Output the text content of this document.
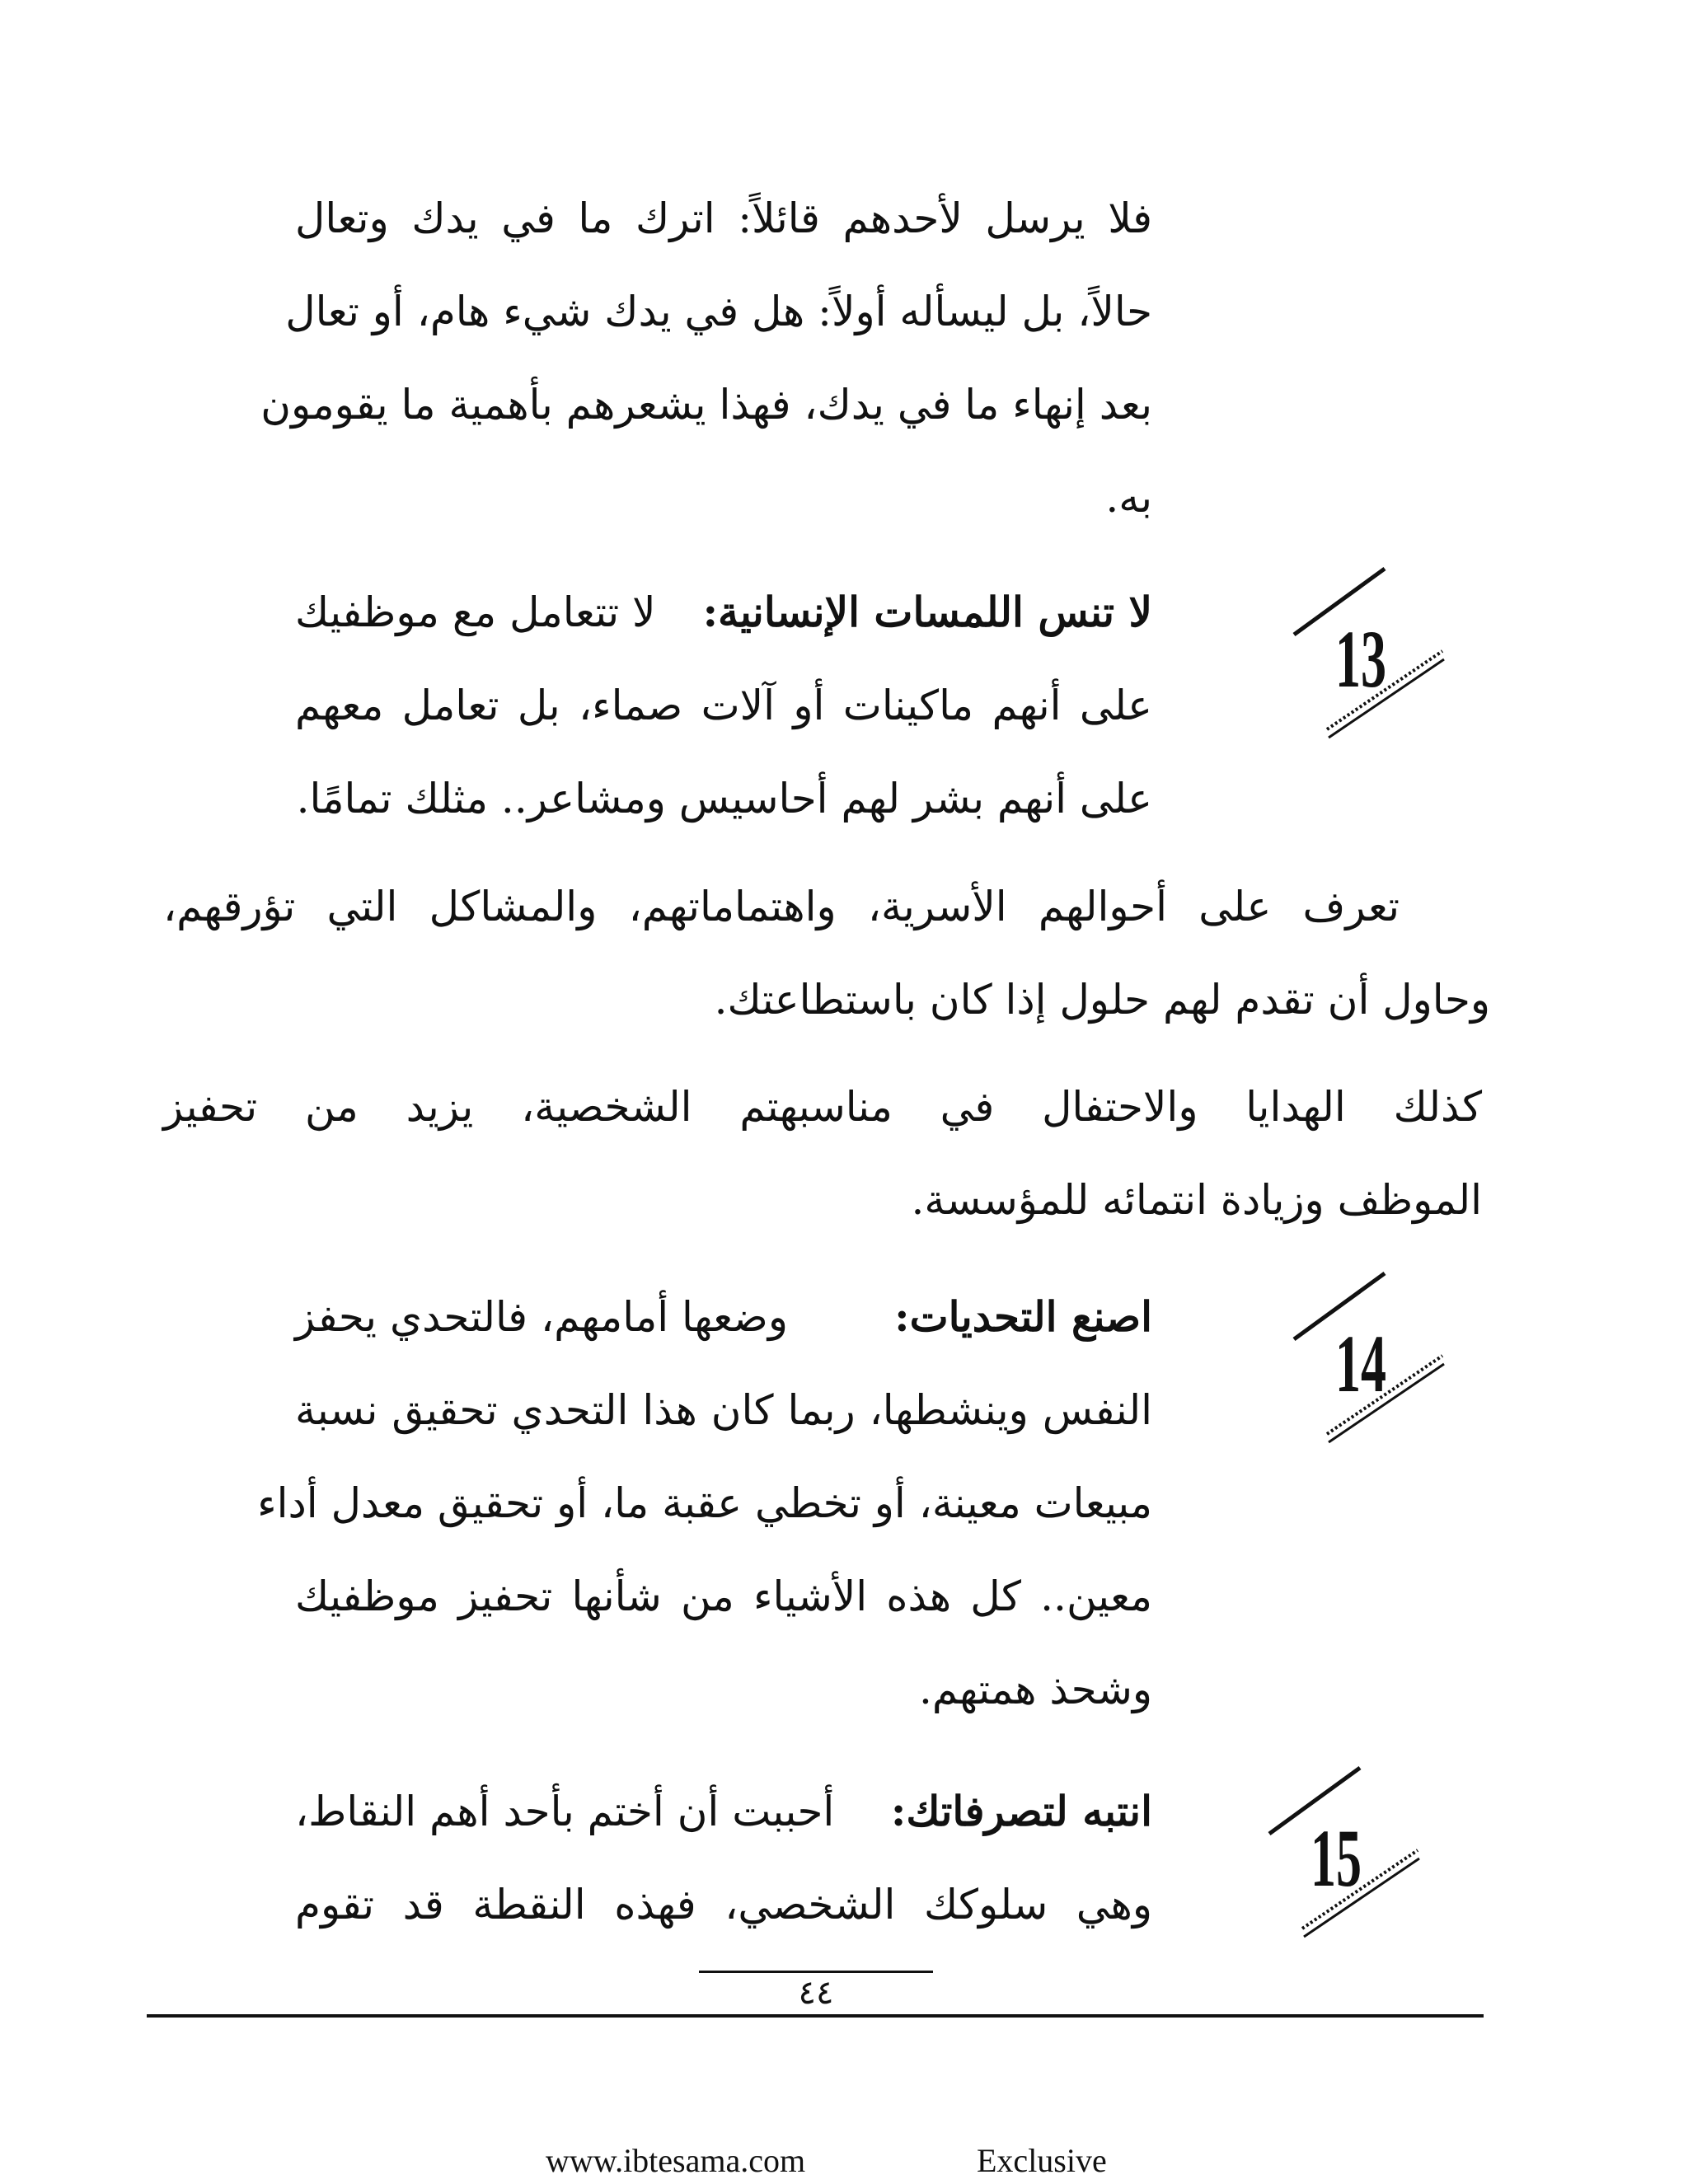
فلا يرسل لأحدهم قائلاً: اترك ما في يدك وتعال
حالاً، بل ليسأله أولاً: هل في يدك شيء هام، أو تعال
بعد إنهاء ما في يدك، فهذا يشعرهم بأهمية ما يقومون
به.
13
لا تنس اللمسات الإنسانية:
لا تتعامل مع موظفيك
على أنهم ماكينات أو آلات صماء، بل تعامل معهم
على أنهم بشر لهم أحاسيس ومشاعر.. مثلك تمامًا.
تعرف على أحوالهم الأسرية، واهتماماتهم، والمشاكل التي تؤرقهم،
وحاول أن تقدم لهم حلول إذا كان باستطاعتك.
كذلك الهدايا والاحتفال في مناسبهتم الشخصية، يزيد من تحفيز
الموظف وزيادة انتمائه للمؤسسة.
14
اصنع التحديات:
وضعها أمامهم، فالتحدي يحفز
النفس وينشطها، ربما كان هذا التحدي تحقيق نسبة
مبيعات معينة، أو تخطي عقبة ما، أو تحقيق معدل أداء
معين.. كل هذه الأشياء من شأنها تحفيز موظفيك
وشحذ همتهم.
15
انتبه لتصرفاتك:
أحببت أن أختم بأحد أهم النقاط،
وهي سلوكك الشخصي، فهذه النقطة قد تقوم
٤٤
www.ibtesama.com	Exclusive
